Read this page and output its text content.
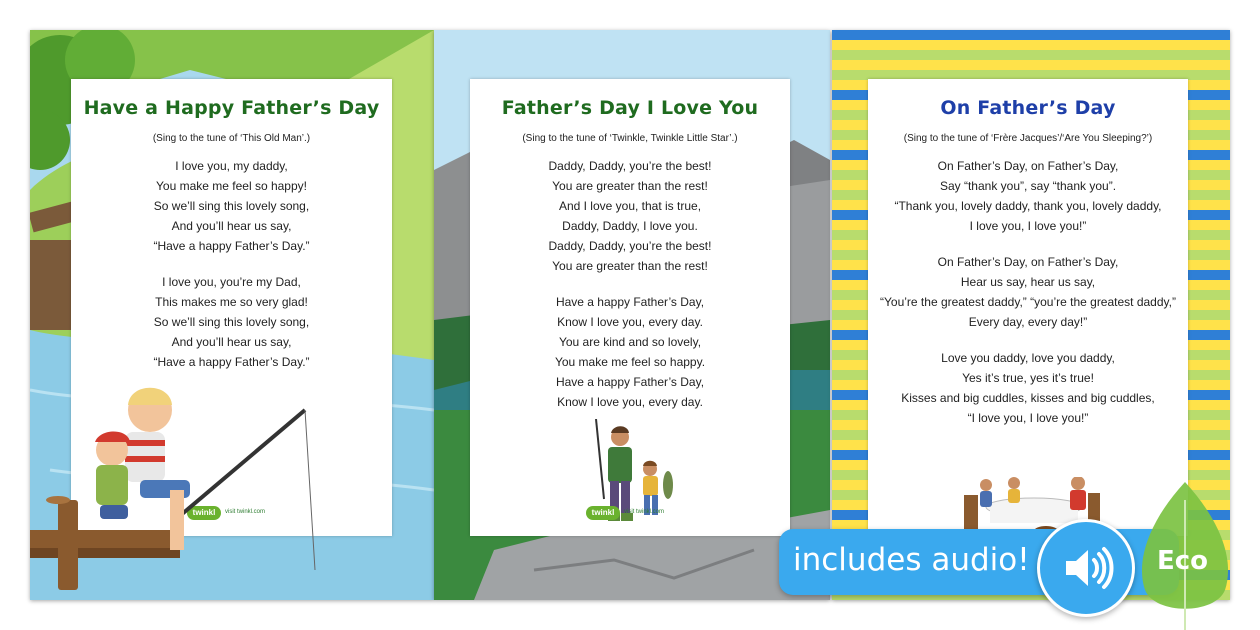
Have a Happy Father’s Day
(Sing to the tune of ‘This Old Man’.)
I love you, my daddy,
You make me feel so happy!
So we’ll sing this lovely song,
And you’ll hear us say,
“Have a happy Father’s Day.”
I love you, you’re my Dad,
This makes me so very glad!
So we’ll sing this lovely song,
And you’ll hear us say,
“Have a happy Father’s Day.”
twinkl	visit twinkl.com
Father’s Day I Love You
(Sing to the tune of ‘Twinkle, Twinkle Little Star’.)
Daddy, Daddy, you’re the best!
You are greater than the rest!
And I love you, that is true,
Daddy, Daddy, I love you.
Daddy, Daddy, you’re the best!
You are greater than the rest!
Have a happy Father’s Day,
Know I love you, every day.
You are kind and so lovely,
You make me feel so happy.
Have a happy Father’s Day,
Know I love you, every day.
twinkl	visit twinkl.com
On Father’s Day
(Sing to the tune of ‘Frère Jacques’/‘Are You Sleeping?’)
On Father’s Day, on Father’s Day,
Say “thank you”, say “thank you”.
“Thank you, lovely daddy, thank you, lovely daddy,
I love you, I love you!”
On Father’s Day, on Father’s Day,
Hear us say, hear us say,
“You’re the greatest daddy,” “you’re the greatest daddy,”
Every day, every day!”
Love you daddy, love you daddy,
Yes it’s true, yes it’s true!
Kisses and big cuddles, kisses and big cuddles,
“I love you, I love you!”
includes audio!	Eco
